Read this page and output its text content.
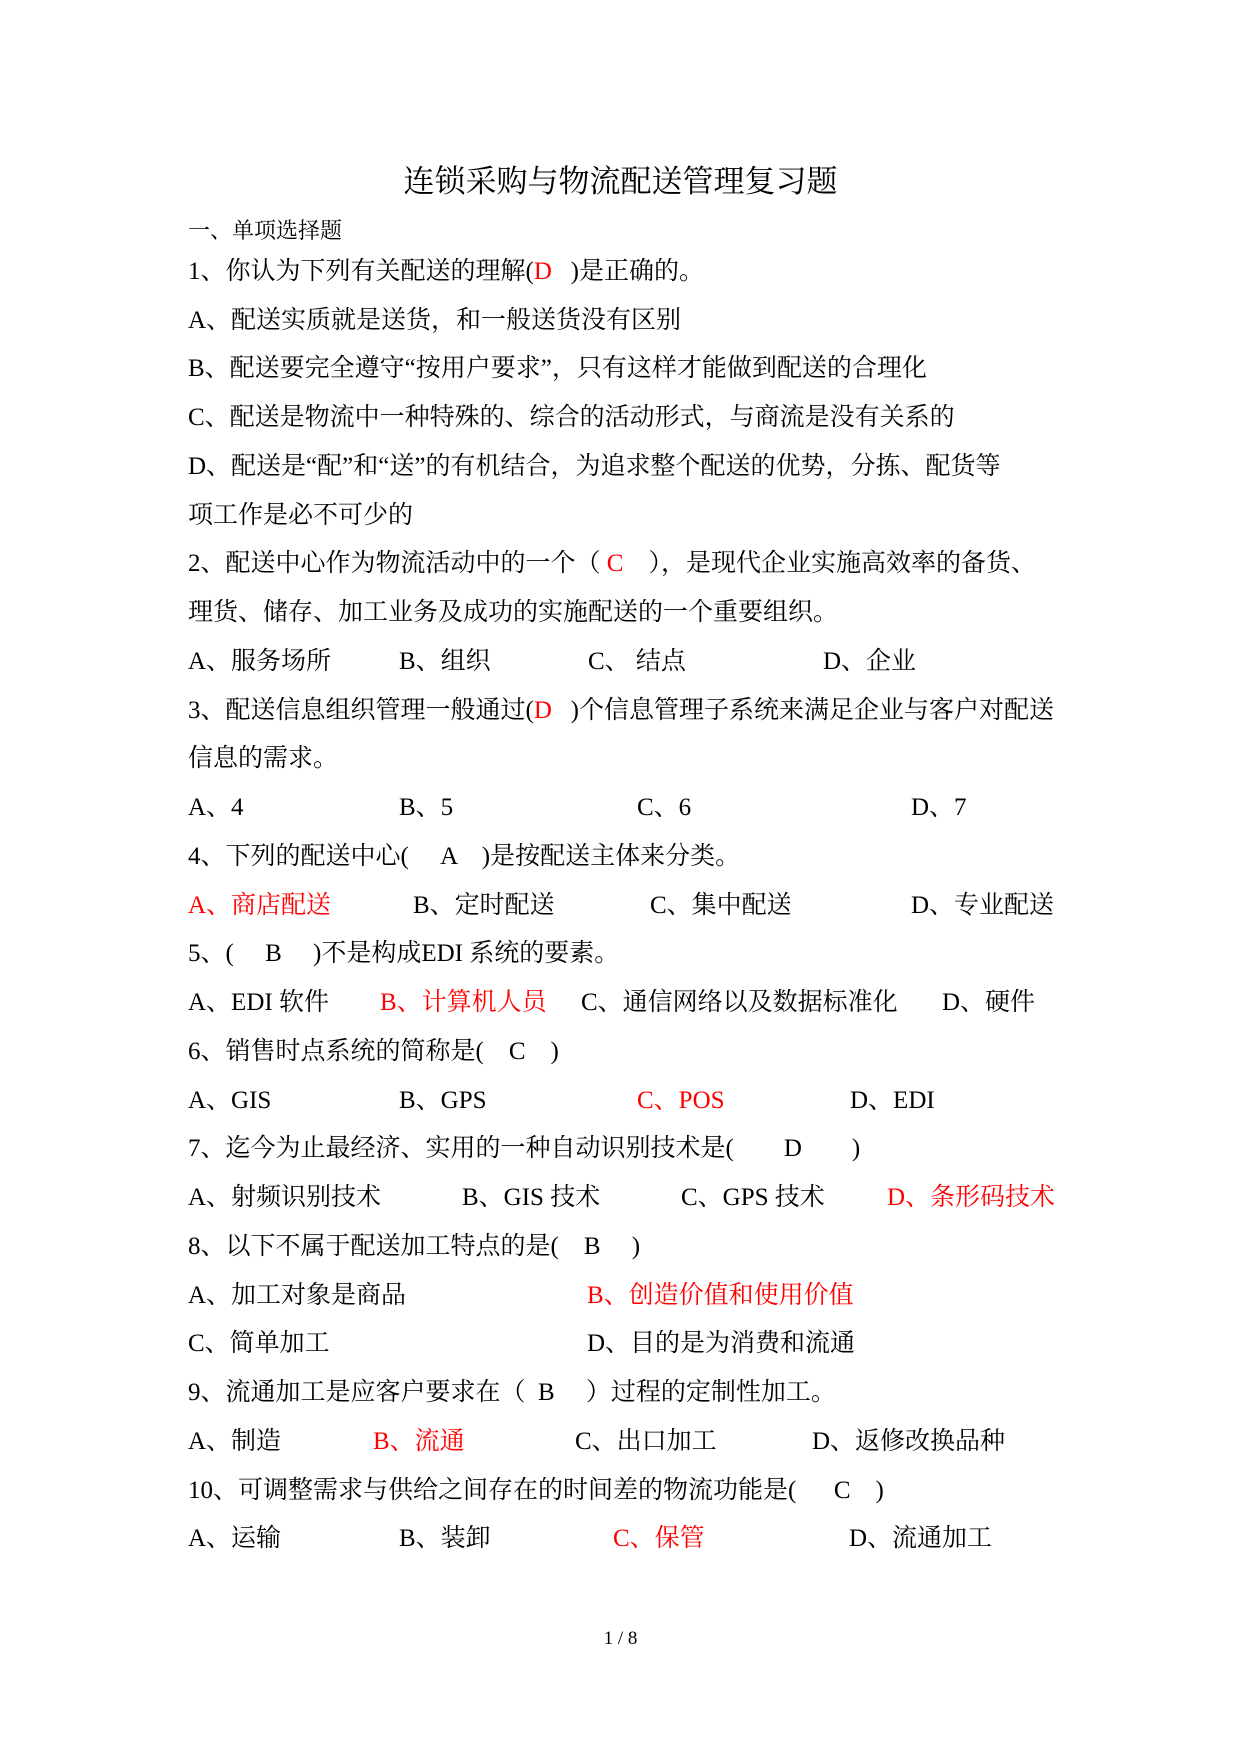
连锁采购与物流配送管理复习题
一、单项选择题
1、你认为下列有关配送的理解(D   )是正确的。
A、配送实质就是送货，和一般送货没有区别
B、配送要完全遵守“按用户要求”，只有这样才能做到配送的合理化
C、配送是物流中一种特殊的、综合的活动形式，与商流是没有关系的
D、配送是“配”和“送”的有机结合，为追求整个配送的优势，分拣、配货等
项工作是必不可少的
2、配送中心作为物流活动中的一个（ C    ），是现代企业实施高效率的备货、
理货、储存、加工业务及成功的实施配送的一个重要组织。

A、服务场所

	B、组织

	C、 结点

	D、企业

3、配送信息组织管理一般通过(D   )个信息管理子系统来满足企业与客户对配送
信息的需求。

A、4

	B、5

	C、6

	D、7

4、下列的配送中心(     A    )是按配送主体来分类。

A、商店配送

	B、定时配送

	C、集中配送

	D、专业配送

5、(     B     )不是构成EDI 系统的要素。

A、EDI 软件

B、计算机人员

C、通信网络以及数据标准化

D、硬件

6、销售时点系统的简称是(    C    )

A、GIS

	B、GPS

	C、POS

	D、EDI

7、迄今为止最经济、实用的一种自动识别技术是(        D        )

A、射频识别技术

	B、GIS 技术

	C、GPS 技术

D、条形码技术

8、以下不属于配送加工特点的是(    B     )

A、加工对象是商品

	B、创造价值和使用价值

C、简单加工

	D、目的是为消费和流通

9、流通加工是应客户要求在（  B     ）过程的定制性加工。

A、制造

	B、流通

	C、出口加工

	D、返修改换品种

10、可调整需求与供给之间存在的时间差的物流功能是(      C    )

A、运输

	B、装卸

	C、保管

	D、流通加工

1 / 8
